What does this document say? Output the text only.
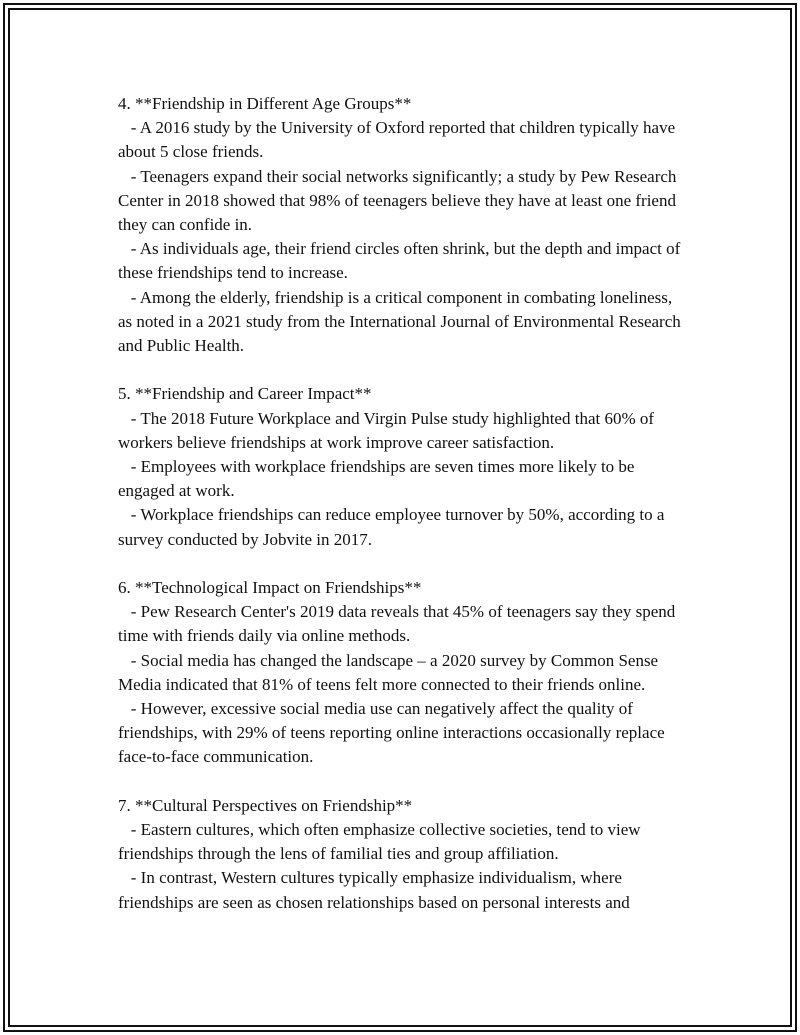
4. **Friendship in Different Age Groups**

- A 2016 study by the University of Oxford reported that children typically have about 5 close friends.

- Teenagers expand their social networks significantly; a study by Pew Research Center in 2018 showed that 98% of teenagers believe they have at least one friend they can confide in.

- As individuals age, their friend circles often shrink, but the depth and impact of these friendships tend to increase.

- Among the elderly, friendship is a critical component in combating loneliness, as noted in a 2021 study from the International Journal of Environmental Research and Public Health.

5. **Friendship and Career Impact**

- The 2018 Future Workplace and Virgin Pulse study highlighted that 60% of workers believe friendships at work improve career satisfaction.

- Employees with workplace friendships are seven times more likely to be engaged at work.

- Workplace friendships can reduce employee turnover by 50%, according to a survey conducted by Jobvite in 2017.

6. **Technological Impact on Friendships**

- Pew Research Center's 2019 data reveals that 45% of teenagers say they spend time with friends daily via online methods.

- Social media has changed the landscape – a 2020 survey by Common Sense Media indicated that 81% of teens felt more connected to their friends online.

- However, excessive social media use can negatively affect the quality of friendships, with 29% of teens reporting online interactions occasionally replace face-to-face communication.

7. **Cultural Perspectives on Friendship**

- Eastern cultures, which often emphasize collective societies, tend to view friendships through the lens of familial ties and group affiliation.

- In contrast, Western cultures typically emphasize individualism, where friendships are seen as chosen relationships based on personal interests and
